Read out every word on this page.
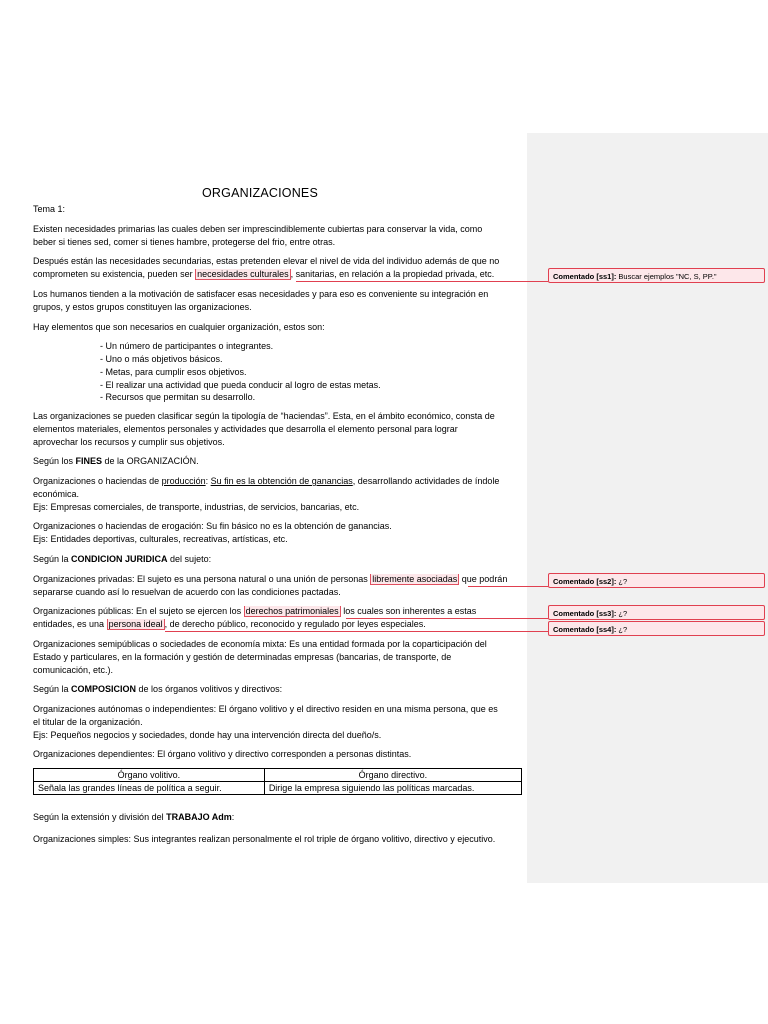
ORGANIZACIONES
Tema 1:
Existen necesidades primarias las cuales deben ser imprescindiblemente cubiertas para conservar la vida, como
beber si tienes sed, comer si tienes hambre, protegerse del frio, entre otras.
Después están las necesidades secundarias, estas pretenden elevar el nivel de vida del individuo además de que no
comprometen su existencia, pueden ser necesidades culturales , sanitarias, en relación a la propiedad privada, etc.
Los humanos tienden a la motivación de satisfacer esas necesidades y para eso es conveniente su integración en
grupos, y estos grupos constituyen las organizaciones.
Hay elementos que son necesarios en cualquier organización, estos son:
- Un número de participantes o integrantes.
- Uno o más objetivos básicos.
- Metas, para cumplir esos objetivos.
- El realizar una actividad que pueda conducir al logro de estas metas.
- Recursos que permitan su desarrollo.
Las organizaciones se pueden clasificar según la tipología de “haciendas”. Esta, en el ámbito económico, consta de
elementos materiales, elementos personales y actividades que desarrolla el elemento personal para lograr
aprovechar los recursos y cumplir sus objetivos.
Según los FINES de la ORGANIZACIÓN.
Organizaciones o haciendas de producción: Su fin es la obtención de ganancias, desarrollando actividades de índole
económica.
Ejs: Empresas comerciales, de transporte, industrias, de servicios, bancarias, etc.
Organizaciones o haciendas de erogación: Su fin básico no es la obtención de ganancias.
Ejs: Entidades deportivas, culturales, recreativas, artísticas, etc.
Según la CONDICION JURIDICA del sujeto:
Organizaciones privadas: El sujeto es una persona natural o una unión de personas libremente asociadas que podrán
separarse cuando así lo resuelvan de acuerdo con las condiciones pactadas.
Organizaciones públicas: En el sujeto se ejercen los derechos patrimoniales los cuales son inherentes a estas
entidades, es una persona ideal , de derecho público, reconocido y regulado por leyes especiales.
Organizaciones semipúblicas o sociedades de economía mixta: Es una entidad formada por la coparticipación del
Estado y particulares, en la formación y gestión de determinadas empresas (bancarias, de transporte, de
comunicación, etc.).
Según la COMPOSICION de los órganos volitivos y directivos:
Organizaciones autónomas o independientes: El órgano volitivo y el directivo residen en una misma persona, que es
el titular de la organización.
Ejs: Pequeños negocios y sociedades, donde hay una intervención directa del dueño/s.
Organizaciones dependientes: El órgano volitivo y directivo corresponden a personas distintas.
Órgano volitivo.	Órgano directivo.
Señala las grandes líneas de política a seguir.	Dirige la empresa siguiendo las políticas marcadas.
Según la extensión y división del TRABAJO Adm:
Organizaciones simples: Sus integrantes realizan personalmente el rol triple de órgano volitivo, directivo y ejecutivo.
Comentado [ss1]: Buscar ejemplos "NC, S, PP."
Comentado [ss2]: ¿?
Comentado [ss3]: ¿?
Comentado [ss4]: ¿?
